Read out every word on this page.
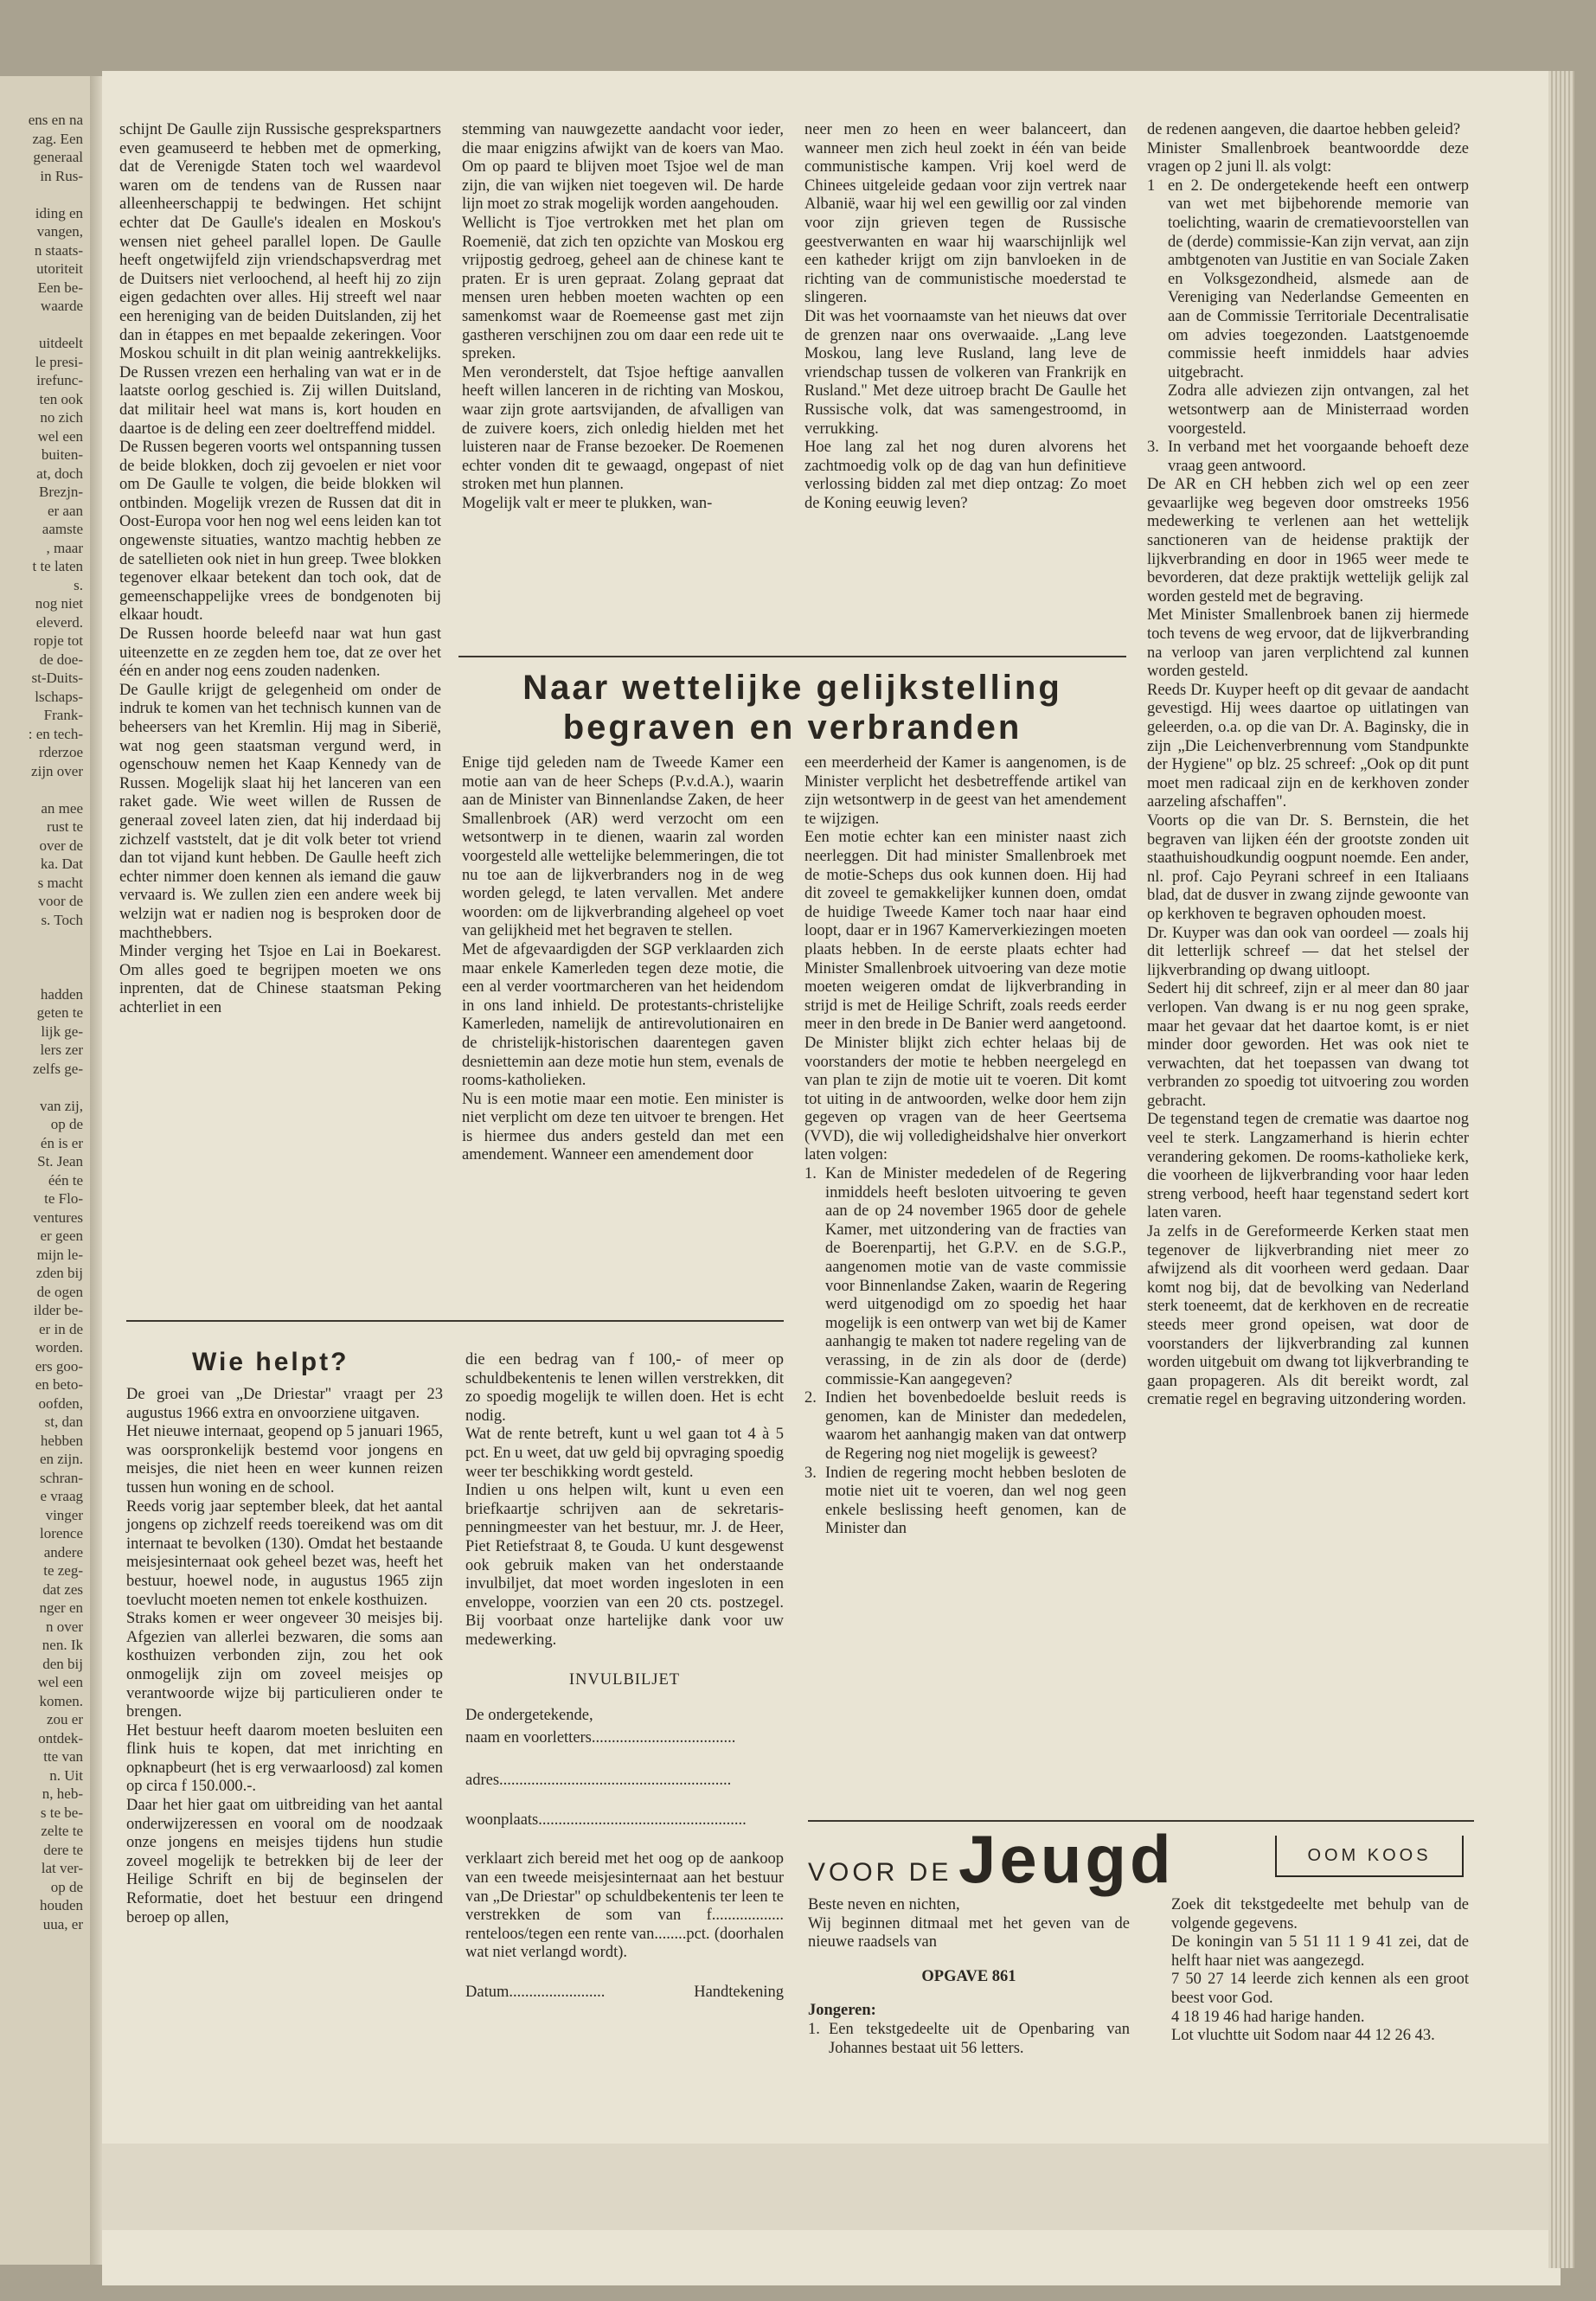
ens en na
zag. Een
generaal
in Rus-

iding en
vangen,
n staats-
utoriteit
Een be-
waarde

uitdeelt
le presi-
irefunc-
ten ook
no zich
wel een
buiten-
at, doch
Brezjn-
er aan
aamste
, maar
t te laten
s.
nog niet
eleverd.
ropje tot
de doe-
st-Duits-
lschaps-
Frank-
: en tech-
rderzoe
zijn over

an mee
rust te
over de
ka. Dat
s macht
voor de
s. Toch

hadden
geten te
lijk ge-
lers zer
zelfs ge-

van zij,
op de
én is er
St. Jean
één te
te Flo-
ventures
er geen
mijn le-
zden bij
de ogen
ilder be-
er in de
worden.
ers goo-
en beto-
oofden,
st, dan
hebben
en zijn.
schran-
e vraag
vinger
lorence
andere
te zeg-
dat zes
nger en
n over
nen. Ik
den bij
wel een
komen.
zou er
ontdek-
tte van
n. Uit
n, heb-
s te be-
zelte te
dere te
lat ver-
op de
houden
uua, er
schijnt De Gaulle zijn Russische gesprekspartners even geamuseerd te hebben met de opmerking, dat de Verenigde Staten toch wel waardevol waren om de tendens van de Russen naar alleenheerschappij te bedwingen. Het schijnt echter dat De Gaulle's idealen en Moskou's wensen niet geheel parallel lopen. De Gaulle heeft ongetwijfeld zijn vriendschapsverdrag met de Duitsers niet verloochend, al heeft hij zo zijn eigen gedachten over alles. Hij streeft wel naar een hereniging van de beiden Duitslanden, zij het dan in étappes en met bepaalde zekeringen. Voor Moskou schuilt in dit plan weinig aantrekkelijks. De Russen vrezen een herhaling van wat er in de laatste oorlog geschied is. Zij willen Duitsland, dat militair heel wat mans is, kort houden en daartoe is de deling een zeer doeltreffend middel.
De Russen begeren voorts wel ontspanning tussen de beide blokken, doch zij gevoelen er niet voor om De Gaulle te volgen, die beide blokken wil ontbinden. Mogelijk vrezen de Russen dat dit in Oost-Europa voor hen nog wel eens leiden kan tot ongewenste situaties, wantzo machtig hebben ze de satellieten ook niet in hun greep. Twee blokken tegenover elkaar betekent dan toch ook, dat de gemeenschappelijke vrees de bondgenoten bij elkaar houdt.
De Russen hoorde beleefd naar wat hun gast uiteenzette en ze zegden hem toe, dat ze over het één en ander nog eens zouden nadenken.
De Gaulle krijgt de gelegenheid om onder de indruk te komen van het technisch kunnen van de beheersers van het Kremlin. Hij mag in Siberië, wat nog geen staatsman vergund werd, in ogenschouw nemen het Kaap Kennedy van de Russen. Mogelijk slaat hij het lanceren van een raket gade. Wie weet willen de Russen de generaal zoveel laten zien, dat hij inderdaad bij zichzelf vaststelt, dat je dit volk beter tot vriend dan tot vijand kunt hebben. De Gaulle heeft zich echter nimmer doen kennen als iemand die gauw vervaard is. We zullen zien een andere week bij welzijn wat er nadien nog is besproken door de machthebbers.
Minder verging het Tsjoe en Lai in Boekarest. Om alles goed te begrijpen moeten we ons inprenten, dat de Chinese staatsman Peking achterliet in een
stemming van nauwgezette aandacht voor ieder, die maar enigzins afwijkt van de koers van Mao. Om op paard te blijven moet Tsjoe wel de man zijn, die van wijken niet toegeven wil. De harde lijn moet zo strak mogelijk worden aangehouden.
Wellicht is Tjoe vertrokken met het plan om Roemenië, dat zich ten opzichte van Moskou erg vrijpostig gedroeg, geheel aan de chinese kant te praten. Er is uren gepraat. Zolang gepraat dat mensen uren hebben moeten wachten op een samenkomst waar de Roemeense gast met zijn gastheren verschijnen zou om daar een rede uit te spreken.
Men veronderstelt, dat Tsjoe heftige aanvallen heeft willen lanceren in de richting van Moskou, waar zijn grote aartsvijanden, de afvalligen van de zuivere koers, zich onledig hielden met het luisteren naar de Franse bezoeker. De Roemenen echter vonden dit te gewaagd, ongepast of niet stroken met hun plannen.
Mogelijk valt er meer te plukken, wan-
neer men zo heen en weer balanceert, dan wanneer men zich heul zoekt in één van beide communistische kampen. Vrij koel werd de Chinees uitgeleide gedaan voor zijn vertrek naar Albanië, waar hij wel een gewillig oor zal vinden voor zijn grieven tegen de Russische geestverwanten en waar hij waarschijnlijk wel een katheder krijgt om zijn banvloeken in de richting van de communistische moederstad te slingeren.
Dit was het voornaamste van het nieuws dat over de grenzen naar ons overwaaide. „Lang leve Moskou, lang leve Rusland, lang leve de vriendschap tussen de volkeren van Frankrijk en Rusland." Met deze uitroep bracht De Gaulle het Russische volk, dat was samengestroomd, in verrukking.
Hoe lang zal het nog duren alvorens het zachtmoedig volk op de dag van hun definitieve verlossing bidden zal met diep ontzag: Zo moet de Koning eeuwig leven?
Naar wettelijke gelijkstelling
begraven en verbranden
Enige tijd geleden nam de Tweede Kamer een motie aan van de heer Scheps (P.v.d.A.), waarin aan de Minister van Binnenlandse Zaken, de heer Smallenbroek (AR) werd verzocht om een wetsontwerp in te dienen, waarin zal worden voorgesteld alle wettelijke belemmeringen, die tot nu toe aan de lijkverbranders nog in de weg worden gelegd, te laten vervallen. Met andere woorden: om de lijkverbranding algeheel op voet van gelijkheid met het begraven te stellen.
Met de afgevaardigden der SGP verklaarden zich maar enkele Kamerleden tegen deze motie, die een al verder voortmarcheren van het heidendom in ons land inhield. De protestants-christelijke Kamerleden, namelijk de antirevolutionairen en de christelijk-historischen daarentegen gaven desniettemin aan deze motie hun stem, evenals de rooms-katholieken.
Nu is een motie maar een motie. Een minister is niet verplicht om deze ten uitvoer te brengen. Het is hiermee dus anders gesteld dan met een amendement. Wanneer een amendement door
een meerderheid der Kamer is aangenomen, is de Minister verplicht het desbetreffende artikel van zijn wetsontwerp in de geest van het amendement te wijzigen.
Een motie echter kan een minister naast zich neerleggen. Dit had minister Smallenbroek met de motie-Scheps dus ook kunnen doen. Hij had dit zoveel te gemakkelijker kunnen doen, omdat de huidige Tweede Kamer toch naar haar eind loopt, daar er in 1967 Kamerverkiezingen moeten plaats hebben. In de eerste plaats echter had Minister Smallenbroek uitvoering van deze motie moeten weigeren omdat de lijkverbranding in strijd is met de Heilige Schrift, zoals reeds eerder meer in den brede in De Banier werd aangetoond. De Minister blijkt zich echter helaas bij de voorstanders der motie te hebben neergelegd en van plan te zijn de motie uit te voeren. Dit komt tot uiting in de antwoorden, welke door hem zijn gegeven op vragen van de heer Geertsema (VVD), die wij volledigheidshalve hier onverkort laten volgen:
1. Kan de Minister mededelen of de Regering inmiddels heeft besloten uitvoering te geven aan de op 24 november 1965 door de gehele Kamer, met uitzondering van de fracties van de Boerenpartij, het G.P.V. en de S.G.P., aangenomen motie van de vaste commissie voor Binnenlandse Zaken, waarin de Regering werd uitgenodigd om zo spoedig het haar mogelijk is een ontwerp van wet bij de Kamer aanhangig te maken tot nadere regeling van de verassing, in de zin als door de (derde) commissie-Kan aangegeven?
2. Indien het bovenbedoelde besluit reeds is genomen, kan de Minister dan mededelen, waarom het aanhangig maken van dat ontwerp de Regering nog niet mogelijk is geweest?
3. Indien de regering mocht hebben besloten de motie niet uit te voeren, dan wel nog geen enkele beslissing heeft genomen, kan de Minister dan
de redenen aangeven, die daartoe hebben geleid?
Minister Smallenbroek beantwoordde deze vragen op 2 juni ll. als volgt:
1 en 2. De ondergetekende heeft een ontwerp van wet met bijbehorende memorie van toelichting, waarin de crematievoorstellen van de (derde) commissie-Kan zijn vervat, aan zijn ambtgenoten van Justitie en van Sociale Zaken en Volksgezondheid, alsmede aan de Vereniging van Nederlandse Gemeenten en aan de Commissie Territoriale Decentralisatie om advies toegezonden. Laatstgenoemde commissie heeft inmiddels haar advies uitgebracht.
Zodra alle adviezen zijn ontvangen, zal het wetsontwerp aan de Ministerraad worden voorgesteld.
3. In verband met het voorgaande behoeft deze vraag geen antwoord.
De AR en CH hebben zich wel op een zeer gevaarlijke weg begeven door omstreeks 1956 medewerking te verlenen aan het wettelijk sanctioneren van de heidense praktijk der lijkverbranding en door in 1965 weer mede te bevorderen, dat deze praktijk wettelijk gelijk zal worden gesteld met de begraving.
Met Minister Smallenbroek banen zij hiermede toch tevens de weg ervoor, dat de lijkverbranding na verloop van jaren verplichtend zal kunnen worden gesteld.
Reeds Dr. Kuyper heeft op dit gevaar de aandacht gevestigd. Hij wees daartoe op uitlatingen van geleerden, o.a. op die van Dr. A. Baginsky, die in zijn „Die Leichenverbrennung vom Standpunkte der Hygiene" op blz. 25 schreef: „Ook op dit punt moet men radicaal zijn en de kerkhoven zonder aarzeling afschaffen".
Voorts op die van Dr. S. Bernstein, die het begraven van lijken één der grootste zonden uit staathuishoudkundig oogpunt noemde. Een ander, nl. prof. Cajo Peyrani schreef in een Italiaans blad, dat de dusver in zwang zijnde gewoonte van op kerkhoven te begraven ophouden moest.
Dr. Kuyper was dan ook van oordeel — zoals hij dit letterlijk schreef — dat het stelsel der lijkverbranding op dwang uitloopt.
Sedert hij dit schreef, zijn er al meer dan 80 jaar verlopen. Van dwang is er nu nog geen sprake, maar het gevaar dat het daartoe komt, is er niet minder door geworden. Het was ook niet te verwachten, dat het toepassen van dwang tot verbranden zo spoedig tot uitvoering zou worden gebracht.
De tegenstand tegen de crematie was daartoe nog veel te sterk. Langzamerhand is hierin echter verandering gekomen. De rooms-katholieke kerk, die voorheen de lijkverbranding voor haar leden streng verbood, heeft haar tegenstand sedert kort laten varen.
Ja zelfs in de Gereformeerde Kerken staat men tegenover de lijkverbranding niet meer zo afwijzend als dit voorheen werd gedaan. Daar komt nog bij, dat de bevolking van Nederland sterk toeneemt, dat de kerkhoven en de recreatie steeds meer grond opeisen, wat door de voorstanders der lijkverbranding zal kunnen worden uitgebuit om dwang tot lijkverbranding te gaan propageren. Als dit bereikt wordt, zal crematie regel en begraving uitzondering worden.
Wie helpt?
De groei van „De Driestar" vraagt per 23 augustus 1966 extra en onvoorziene uitgaven.
Het nieuwe internaat, geopend op 5 januari 1965, was oorspronkelijk bestemd voor jongens en meisjes, die niet heen en weer kunnen reizen tussen hun woning en de school.
Reeds vorig jaar september bleek, dat het aantal jongens op zichzelf reeds toereikend was om dit internaat te bevolken (130). Omdat het bestaande meisjesinternaat ook geheel bezet was, heeft het bestuur, hoewel node, in augustus 1965 zijn toevlucht moeten nemen tot enkele kosthuizen.
Straks komen er weer ongeveer 30 meisjes bij. Afgezien van allerlei bezwaren, die soms aan kosthuizen verbonden zijn, zou het ook onmogelijk zijn om zoveel meisjes op verantwoorde wijze bij particulieren onder te brengen.
Het bestuur heeft daarom moeten besluiten een flink huis te kopen, dat met inrichting en opknapbeurt (het is erg verwaarloosd) zal komen op circa f 150.000.-.
Daar het hier gaat om uitbreiding van het aantal onderwijzeressen en vooral om de noodzaak onze jongens en meisjes tijdens hun studie zoveel mogelijk te betrekken bij de leer der Heilige Schrift en bij de beginselen der Reformatie, doet het bestuur een dringend beroep op allen,
die een bedrag van f 100,- of meer op schuldbekentenis te lenen willen verstrekken, dit zo spoedig mogelijk te willen doen. Het is echt nodig.
Wat de rente betreft, kunt u wel gaan tot 4 à 5 pct. En u weet, dat uw geld bij opvraging spoedig weer ter beschikking wordt gesteld.
Indien u ons helpen wilt, kunt u even een briefkaartje schrijven aan de sekretaris-penningmeester van het bestuur, mr. J. de Heer, Piet Retiefstraat 8, te Gouda. U kunt desgewenst ook gebruik maken van het onderstaande invulbiljet, dat moet worden ingesloten in een enveloppe, voorzien van een 20 cts. postzegel. Bij voorbaat onze hartelijke dank voor uw medewerking.
INVULBILJET
De ondergetekende,
naam en voorletters....................................
adres..........................................................
woonplaats....................................................
verklaart zich bereid met het oog op de aankoop van een tweede meisjesinternaat aan het bestuur van „De Driestar" op schuldbekentenis ter leen te verstrekken de som van f.................. renteloos/tegen een rente van........pct. (doorhalen wat niet verlangd wordt).
Datum........................	Handtekening
VOOR DE Jeugd	OOM KOOS
Beste neven en nichten,
Wij beginnen ditmaal met het geven van de nieuwe raadsels van
OPGAVE 861
Jongeren:
1. Een tekstgedeelte uit de Openbaring van Johannes bestaat uit 56 letters.
Zoek dit tekstgedeelte met behulp van de volgende gegevens.
De koningin van 5 51 11 1 9 41 zei, dat de helft haar niet was aangezegd.
7 50 27 14 leerde zich kennen als een groot beest voor God.
4 18 19 46 had harige handen.
Lot vluchtte uit Sodom naar 44 12 26 43.
